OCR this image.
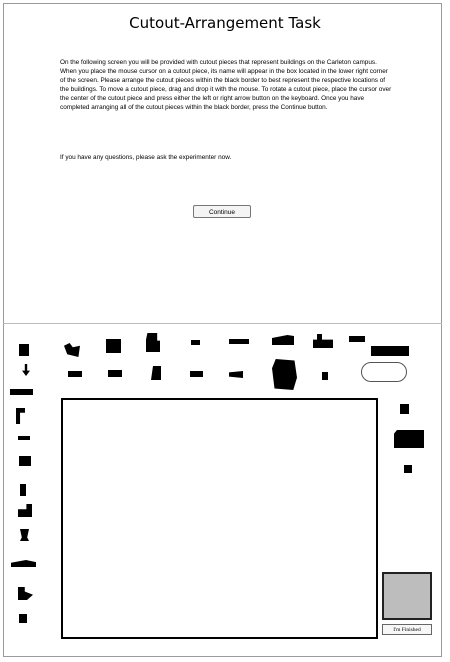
Cutout-Arrangement Task
On the following screen you will be provided with cutout pieces that represent buildings on the Carleton campus. When you place the mouse cursor on a cutout piece, its name will appear in the box located in the lower right corner of the screen. Please arrange the cutout pieces within the black border to best represent the respective locations of the buildings. To move a cutout piece, drag and drop it with the mouse. To rotate a cutout piece, place the cursor over the center of the cutout piece and press either the left or right arrow button on the keyboard. Once you have completed arranging all of the cutout pieces within the black border, press the Continue button.
If you have any questions, please ask the experimenter now.
Continue
I'm Finished
